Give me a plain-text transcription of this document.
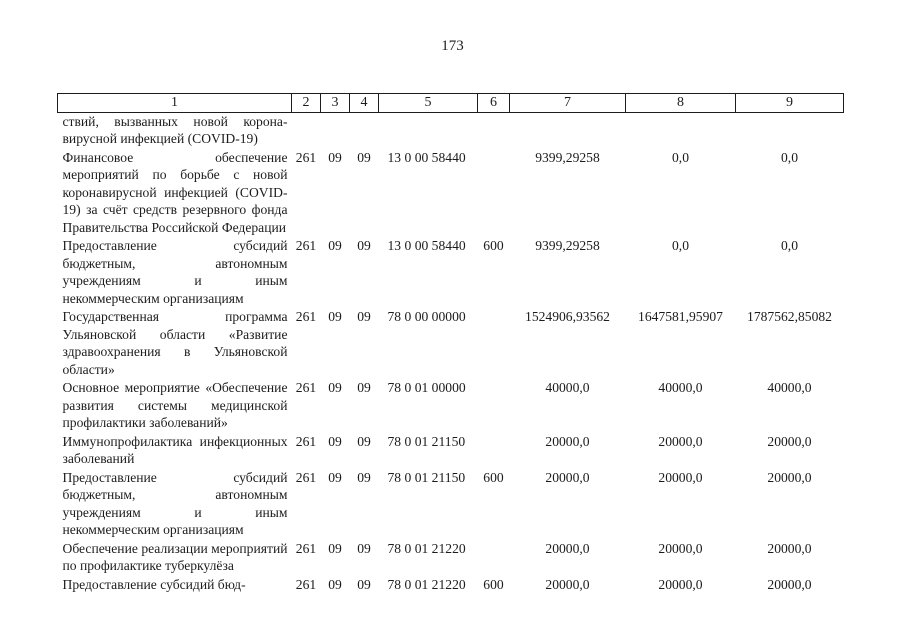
173
1	2	3	4	5	6	7	8	9
ствий, вызванных новой корона-вирусной инфекцией (COVID-19)								
Финансовое обеспечение мероприятий по борьбе с новой коронавирусной инфекцией (COVID-19) за счёт средств резервного фонда Правительства Российской Федерации	261	09	09	13 0 00 58440		9399,29258	0,0	0,0
Предоставление субсидий бюджетным, автономным учреждениям и иным некоммерческим организациям	261	09	09	13 0 00 58440	600	9399,29258	0,0	0,0
Государственная программа Ульяновской области «Развитие здравоохранения в Ульяновской области»	261	09	09	78 0 00 00000		1524906,93562	1647581,95907	1787562,85082
Основное мероприятие «Обеспечение развития системы медицинской профилактики заболеваний»	261	09	09	78 0 01 00000		40000,0	40000,0	40000,0
Иммунопрофилактика инфекционных заболеваний	261	09	09	78 0 01 21150		20000,0	20000,0	20000,0
Предоставление субсидий бюджетным, автономным учреждениям и иным некоммерческим организациям	261	09	09	78 0 01 21150	600	20000,0	20000,0	20000,0
Обеспечение реализации мероприятий по профилактике туберкулёза	261	09	09	78 0 01 21220		20000,0	20000,0	20000,0
Предоставление субсидий бюд-	261	09	09	78 0 01 21220	600	20000,0	20000,0	20000,0
